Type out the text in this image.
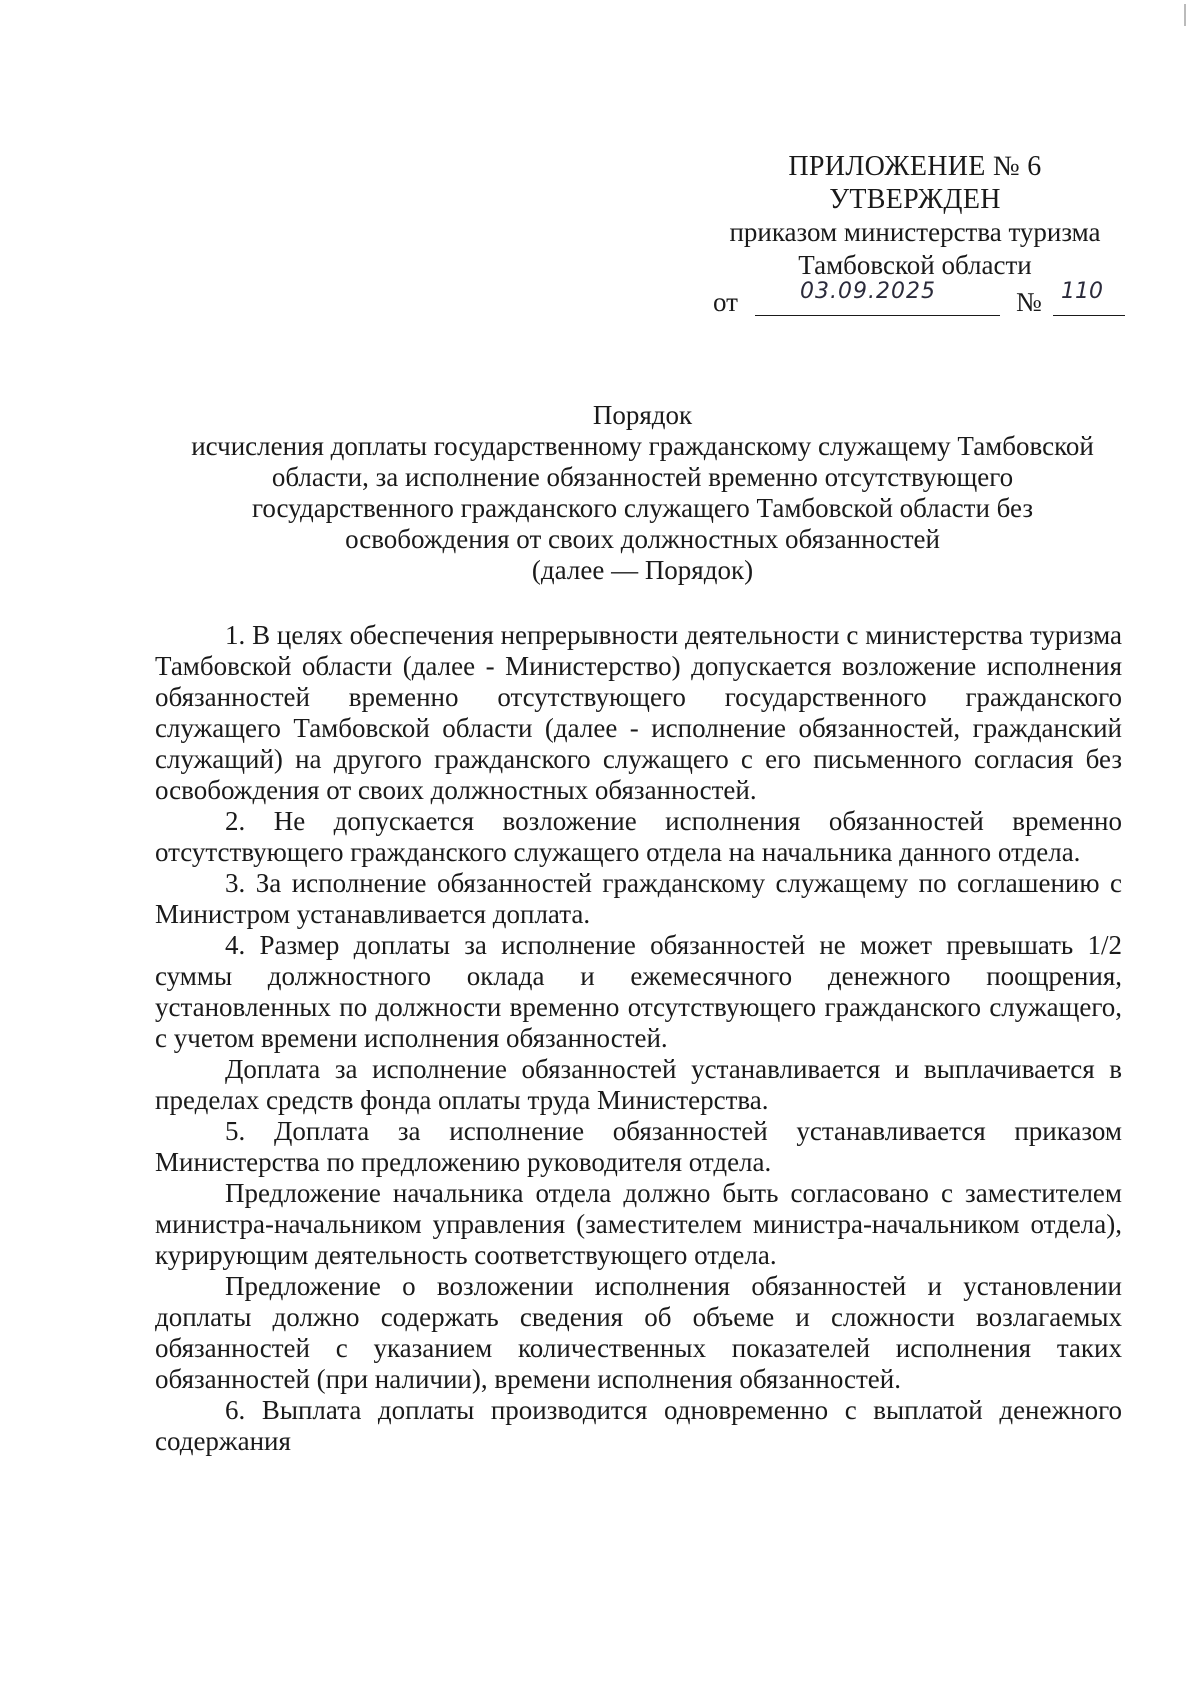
ПРИЛОЖЕНИЕ № 6
УТВЕРЖДЕН
приказом министерства туризма
Тамбовской области
от	03.09.2025	№ 110
Порядок
исчисления доплаты государственному гражданскому служащему Тамбовской
области, за исполнение обязанностей временно отсутствующего
государственного гражданского служащего Тамбовской области без
освобождения от своих должностных обязанностей
(далее — Порядок)

1. В целях обеспечения непрерывности деятельности с министерства туризма Тамбовской области (далее - Министерство) допускается возложение исполнения обязанностей временно отсутствующего государственного гражданского служащего Тамбовской области (далее - исполнение обязанностей, гражданский служащий) на другого гражданского служащего с его письменного согласия без освобождения от своих должностных обязанностей.

2. Не допускается возложение исполнения обязанностей временно отсутствующего гражданского служащего отдела на начальника данного отдела.

3. За исполнение обязанностей гражданскому служащему по соглашению с Министром устанавливается доплата.

4. Размер доплаты за исполнение обязанностей не может превышать 1/2 суммы должностного оклада и ежемесячного денежного поощрения, установленных по должности временно отсутствующего гражданского служащего, с учетом времени исполнения обязанностей.

Доплата за исполнение обязанностей устанавливается и выплачивается в пределах средств фонда оплаты труда Министерства.

5. Доплата за исполнение обязанностей устанавливается приказом Министерства по предложению руководителя отдела.

Предложение начальника отдела должно быть согласовано с заместителем министра-начальником управления (заместителем министра-начальником отдела), курирующим деятельность соответствующего отдела.

Предложение о возложении исполнения обязанностей и установлении доплаты должно содержать сведения об объеме и сложности возлагаемых обязанностей с указанием количественных показателей исполнения таких обязанностей (при наличии), времени исполнения обязанностей.

6. Выплата доплаты производится одновременно с выплатой денежного содержания
